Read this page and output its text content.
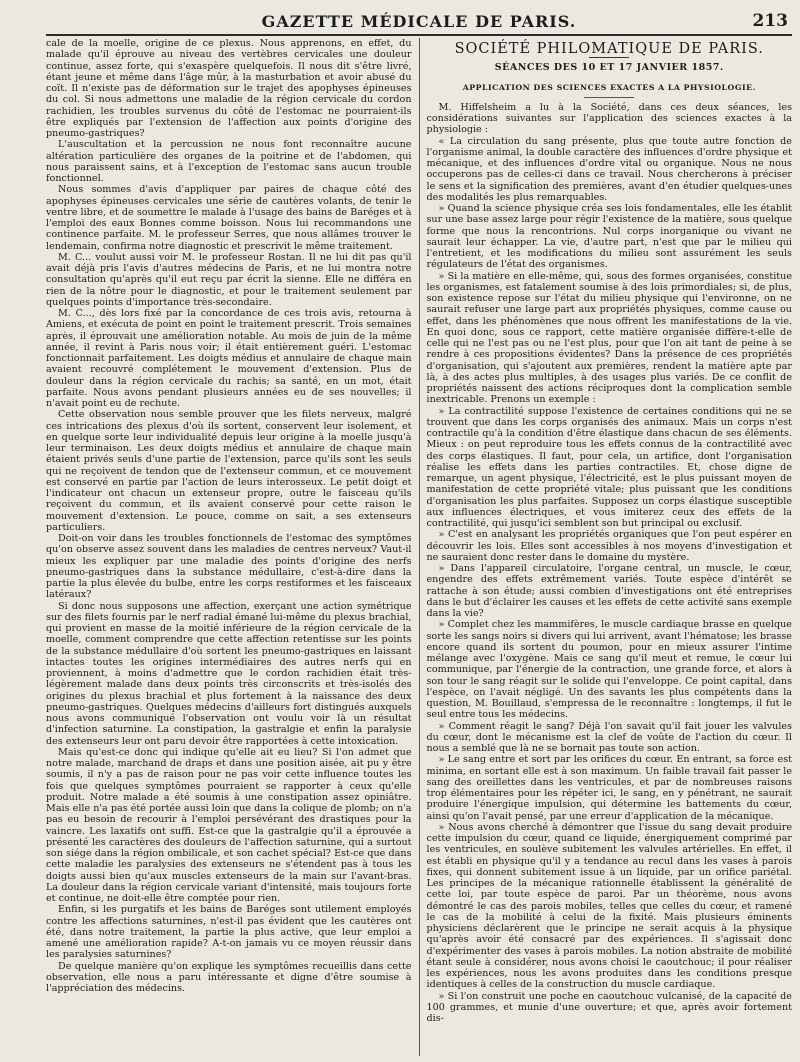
GAZETTE MÉDICALE DE PARIS.	213

cale de la moelle, origine de ce plexus. Nous apprenons, en effet, du malade qu'il éprouve au niveau des vertèbres cervicales une douleur continue, assez forte, qui s'exaspère quelquefois. Il nous dit s'être livré, étant jeune et même dans l'âge mûr, à la masturbation et avoir abusé du coït. Il n'existe pas de déformation sur le trajet des apophyses épineuses du col. Si nous admettons une maladie de la région cervicale du cordon rachidien, les troubles survenus du côté de l'estomac ne pourraient-ils être expliqués par l'extension de l'affection aux points d'origine des pneumo-gastriques?

L'auscultation et la percussion ne nous font reconnaître aucune altération particulière des organes de la poitrine et de l'abdomen, qui nous paraissent sains, et à l'exception de l'estomac sans aucun trouble fonctionnel.

Nous sommes d'avis d'appliquer par paires de chaque côté des apophyses épineuses cervicales une série de cautères volants, de tenir le ventre libre, et de soumettre le malade à l'usage des bains de Baréges et à l'emploi des eaux Bonnes comme boisson. Nous lui recommandons une continence parfaite. M. le professeur Serres, que nous allâmes trouver le lendemain, confirma notre diagnostic et prescrivit le même traitement.

M. C... voulut aussi voir M. le professeur Rostan. Il ne lui dit pas qu'il avait déjà pris l'avis d'autres médecins de Paris, et ne lui montra notre consultation qu'après qu'il eut reçu par écrit la sienne. Elle ne différa en rien de la nôtre pour le diagnostic, et pour le traitement seulement par quelques points d'importance très-secondaire.

M. C..., dès lors fixé par la concordance de ces trois avis, retourna à Amiens, et exécuta de point en point le traitement prescrit. Trois semaines après, il éprouvait une amélioration notable. Au mois de juin de la même année, il revint à Paris nous voir; il était entièrement guéri. L'estomac fonctionnait parfaitement. Les doigts médius et annulaire de chaque main avaient recouvré complétement le mouvement d'extension. Plus de douleur dans la région cervicale du rachis; sa santé, en un mot, était parfaite. Nous avons pendant plusieurs années eu de ses nouvelles; il n'avait point eu de rechute.

Cette observation nous semble prouver que les filets nerveux, malgré ces intrications des plexus d'où ils sortent, conservent leur isolement, et en quelque sorte leur individualité depuis leur origine à la moelle jusqu'à leur terminaison. Les deux doigts médius et annulaire de chaque main étaient privés seuls d'une partie de l'extension, parce qu'ils sont les seuls qui ne reçoivent de tendon que de l'extenseur commun, et ce mouvement est conservé en partie par l'action de leurs interosseux. Le petit doigt et l'indicateur ont chacun un extenseur propre, outre le faisceau qu'ils reçoivent du commun, et ils avaient conservé pour cette raison le mouvement d'extension. Le pouce, comme on sait, a ses extenseurs particuliers.

Doit-on voir dans les troubles fonctionnels de l'estomac des symptômes qu'on observe assez souvent dans les maladies de centres nerveux? Vaut-il mieux les expliquer par une maladie des points d'origine des nerfs pneumo-gastriques dans la substance médullaire, c'est-à-dire dans la partie la plus élevée du bulbe, entre les corps restiformes et les faisceaux latéraux?

Si donc nous supposons une affection, exerçant une action symétrique sur des filets fournis par le nerf radial émané lui-même du plexus brachial, qui provient en masse de la moitié inférieure de la région cervicale de la moelle, comment comprendre que cette affection retentisse sur les points de la substance médullaire d'où sortent les pneumo-gastriques en laissant intactes toutes les origines intermédiaires des autres nerfs qui en proviennent, à moins d'admettre que le cordon rachidien était très-légèrement malade dans deux points très circonscrits et très-isolés des origines du plexus brachial et plus fortement à la naissance des deux pneumo-gastriques. Quelques médecins d'ailleurs fort distingués auxquels nous avons communiqué l'observation ont voulu voir là un résultat d'infection saturnine. La constipation, la gastralgie et enfin la paralysie des extenseurs leur ont paru devoir être rapportées à cette intoxication.

Mais qu'est-ce donc qui indique qu'elle ait eu lieu? Si l'on admet que notre malade, marchand de draps et dans une position aisée, ait pu y être soumis, il n'y a pas de raison pour ne pas voir cette influence toutes les fois que quelques symptômes pourraient se rapporter à ceux qu'elle produit. Notre malade a été soumis à une constipation assez opiniâtre. Mais elle n'a pas été portée aussi loin que dans la colique de plomb; on n'a pas eu besoin de recourir à l'emploi persévérant des drastiques pour la vaincre. Les laxatifs ont suffi. Est-ce que la gastralgie qu'il a éprouvée a présenté les caractères des douleurs de l'affection saturnine, qui a surtout son siége dans la région ombilicale, et son cachet spécial? Est-ce que dans cette maladie les paralysies des extenseurs ne s'étendent pas à tous les doigts aussi bien qu'aux muscles extenseurs de la main sur l'avant-bras. La douleur dans la région cervicale variant d'intensité, mais toujours forte et continue, ne doit-elle être comptée pour rien.

Enfin, si les purgatifs et les bains de Baréges sont utilement employés contre les affections saturnines, n'est-il pas évident que les cautères ont été, dans notre traitement, la partie la plus active, que leur emploi a amené une amélioration rapide? A-t-on jamais vu ce moyen réussir dans les paralysies saturnines?

De quelque manière qu'on explique les symptômes recueillis dans cette observation, elle nous a paru intéressante et digne d'être soumise à l'appréciation des médecins.

SOCIÉTÉ PHILOMATIQUE DE PARIS.
SÉANCES DES 10 ET 17 JANVIER 1857.
APPLICATION DES SCIENCES EXACTES A LA PHYSIOLOGIE.

M. Hiffelsheim a lu à la Société, dans ces deux séances, les considérations suivantes sur l'application des sciences exactes à la physiologie :

« La circulation du sang présente, plus que toute autre fonction de l'organisme animal, la double caractère des influences d'ordre physique et mécanique, et des influences d'ordre vital ou organique. Nous ne nous occuperons pas de celles-ci dans ce travail. Nous chercherons à préciser le sens et la signification des premières, avant d'en étudier quelques-unes des modalités les plus remarquables.

» Quand la science physique créa ses lois fondamentales, elle les établit sur une base assez large pour régir l'existence de la matière, sous quelque forme que nous la rencontrions. Nul corps inorganique ou vivant ne saurait leur échapper. La vie, d'autre part, n'est que par le milieu qui l'entretient, et les modifications du milieu sont assurément les seuls régulateurs de l'état des organismes.

» Si la matière en elle-même, qui, sous des formes organisées, constitue les organismes, est fatalement soumise à des lois primordiales; si, de plus, son existence repose sur l'état du milieu physique qui l'environne, on ne saurait refuser une large part aux propriétés physiques, comme cause ou effet, dans les phénomènes que nous offrent les manifestations de la vie. En quoi donc, sous ce rapport, cette matière organisée diffère-t-elle de celle qui ne l'est pas ou ne l'est plus, pour que l'on ait tant de peine à se rendre à ces propositions évidentes? Dans la présence de ces propriétés d'organisation, qui s'ajoutent aux premières, rendent la matière apte par là, à des actes plus multiples, à des usages plus variés. De ce conflit de propriétés naissent des actions réciproques dont la complication semble inextricable. Prenons un exemple :

» La contractilité suppose l'existence de certaines conditions qui ne se trouvent que dans les corps organisés des animaux. Mais un corps n'est contractile qu'à la condition d'être élastique dans chacun de ses éléments. Mieux : on peut reproduire tous les effets connus de la contractilité avec des corps élastiques. Il faut, pour cela, un artifice, dont l'organisation réalise les effets dans les parties contractiles. Et, chose digne de remarque, un agent physique, l'électricité, est le plus puissant moyen de manifestation de cette propriété vitale; plus puissant que les conditions d'organisation les plus parfaites. Supposez un corps élastique susceptible aux influences électriques, et vous imiterez ceux des effets de la contractilité, qui jusqu'ici semblent son but principal ou exclusif.

» C'est en analysant les propriétés organiques que l'on peut espérer en découvrir les lois. Elles sont accessibles à nos moyens d'investigation et ne sauraient donc rester dans le domaine du mystère.

» Dans l'appareil circulatoire, l'organe central, un muscle, le cœur, engendre des effets extrêmement variés. Toute espèce d'intérêt se rattache à son étude; aussi combien d'investigations ont été entreprises dans le but d'éclairer les causes et les effets de cette activité sans exemple dans la vie?

» Complet chez les mammifères, le muscle cardiaque brasse en quelque sorte les sangs noirs si divers qui lui arrivent, avant l'hématose; les brasse encore quand ils sortent du poumon, pour en mieux assurer l'intime mélange avec l'oxygène. Mais ce sang qu'il meut et remue, le cœur lui communique, par l'énergie de la contraction, une grande force, et alors à son tour le sang réagit sur le solide qui l'enveloppe. Ce point capital, dans l'espèce, on l'avait négligé. Un des savants les plus compétents dans la question, M. Bouillaud, s'empressa de le reconnaître : longtemps, il fut le seul entre tous les médecins.

» Comment réagit le sang? Déjà l'on savait qu'il fait jouer les valvules du cœur, dont le mécanisme est la clef de voûte de l'action du cœur. Il nous a semblé que là ne se bornait pas toute son action.

» Le sang entre et sort par les orifices du cœur. En entrant, sa force est minima, en sortant elle est à son maximum. Un faible travail fait passer le sang des oreillettes dans les ventricules, et par de nombreuses raisons trop élémentaires pour les répéter ici, le sang, en y pénétrant, ne saurait produire l'énergique impulsion, qui détermine les battements du cœur, ainsi qu'on l'avait pensé, par une erreur d'application de la mécanique.

» Nous avons cherché à démontrer que l'issue du sang devait produire cette impulsion du cœur, quand ce liquide, énergiquement comprimé par les ventricules, en soulève subitement les valvules artérielles. En effet, il est établi en physique qu'il y a tendance au recul dans les vases à parois fixes, qui donnent subitement issue à un liquide, par un orifice pariétal. Les principes de la mécanique rationnelle établissent la généralité de cette loi, par toute espèce de paroi. Par un théorème, nous avons démontré le cas des parois mobiles, telles que celles du cœur, et ramené le cas de la mobilité à celui de la fixité. Mais plusieurs éminents physiciens déclarèrent que le principe ne serait acquis à la physique qu'après avoir été consacré par des expériences. Il s'agissait donc d'expérimenter des vases à parois mobiles. La notion abstraite de mobilité étant seule à considérer, nous avons choisi le caoutchouc; il pour réaliser les expériences, nous les avons produites dans les conditions presque identiques à celles de la construction du muscle cardiaque.

» Si l'on construit une poche en caoutchouc vulcanisé, de la capacité de 100 grammes, et munie d'une ouverture; et que, après avoir fortement dis-
